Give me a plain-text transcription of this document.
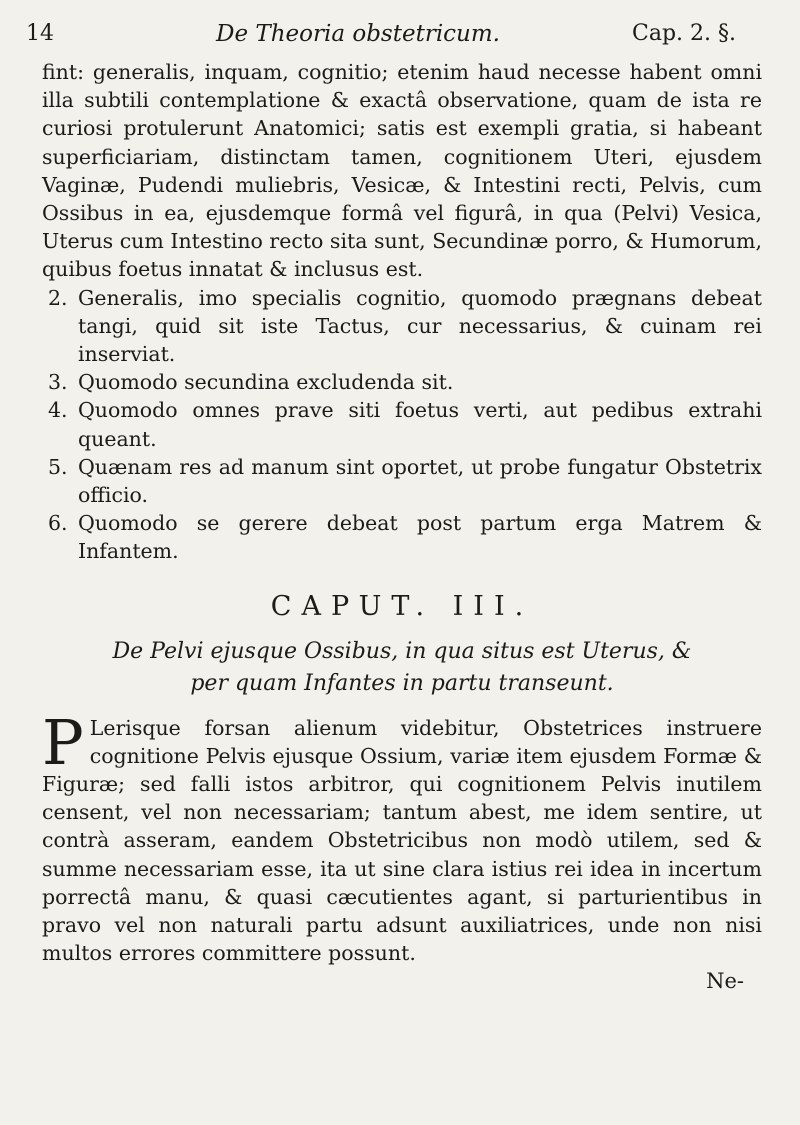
14	De Theoria obstetricum.	Cap. 2. §.

fint: generalis, inquam, cognitio; etenim haud necesse habent omni illa subtili contemplatione & exactâ observatione, quam de ista re curiosi protulerunt Anatomici; satis est exempli gratia, si habeant superficiariam, distinctam tamen, cognitionem Uteri, ejusdem Vaginæ, Pudendi muliebris, Vesicæ, & Intestini recti, Pelvis, cum Ossibus in ea, ejusdemque formâ vel figurâ, in qua (Pelvi) Vesica, Uterus cum Intestino recto sita sunt, Secundinæ porro, & Humorum, quibus foetus innatat & inclusus est.

2. Generalis, imo specialis cognitio, quomodo prægnans debeat tangi, quid sit iste Tactus, cur necessarius, & cuinam rei inserviat.
3. Quomodo secundina excludenda sit.
4. Quomodo omnes prave siti foetus verti, aut pedibus extrahi queant.
5. Quænam res ad manum sint oportet, ut probe fungatur Obstetrix officio.
6. Quomodo se gerere debeat post partum erga Matrem & Infantem.
CAPUT. III.
De Pelvi ejusque Ossibus, in qua situs est Uterus, &
per quam Infantes in partu transeunt.

P Lerisque forsan alienum videbitur, Obstetrices instruere cognitione Pelvis ejusque Ossium, variæ item ejusdem Formæ & Figuræ; sed falli istos arbitror, qui cognitionem Pelvis inutilem censent, vel non necessariam; tantum abest, me idem sentire, ut contrà asseram, eandem Obstetricibus non modò utilem, sed & summe necessariam esse, ita ut sine clara istius rei idea in incertum porrectâ manu, & quasi cæcutientes agant, si parturientibus in pravo vel non naturali partu adsunt auxiliatrices, unde non nisi multos errores committere possunt.

Ne-
